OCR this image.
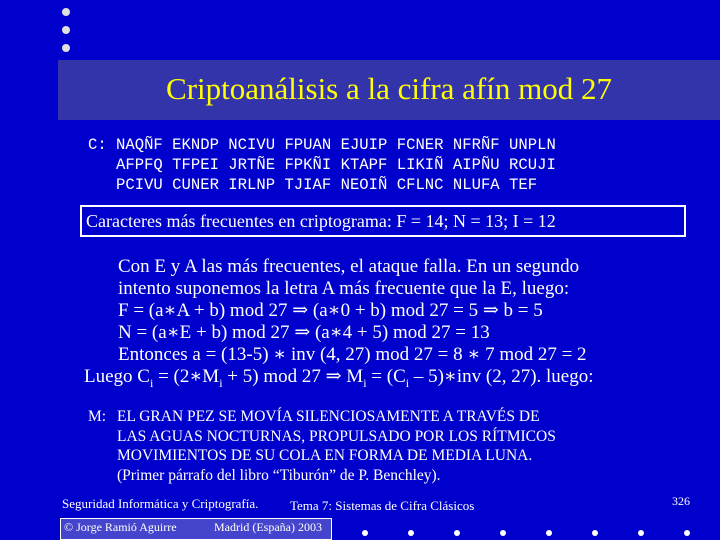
Criptoanálisis a la cifra afín mod 27
C: NAQÑF EKNDP NCIVU FPUAN EJUIP FCNER NFRÑF UNPLN
AFPFQ TFPEI JRTÑE FPKÑI KTAPF LIKIÑ AIPÑU RCUJI
PCIVU CUNER IRLNP TJIAF NEOIÑ CFLNC NLUFA TEF
Caracteres más frecuentes en criptograma: F = 14; N = 13; I = 12
Con E y A las más frecuentes, el ataque falla. En un segundo
intento suponemos la letra A más frecuente que la E, luego:
F = (a∗A + b) mod 27 ⇒ (a∗0 + b) mod 27 = 5 ⇒ b = 5
N = (a∗E + b) mod 27 ⇒ (a∗4 + 5) mod 27 = 13
Entonces a = (13-5) ∗ inv (4, 27) mod 27 = 8 ∗ 7 mod 27 = 2
Luego $C_i$ = $(2∗M_i + 5)$ mod 27 ⇒ $M_i = (C_i$ – 5)∗inv (2, 27). luego:
M: EL GRAN PEZ SE MOVÍA SILENCIOSAMENTE A TRAVÉS DE
LAS AGUAS NOCTURNAS, PROPULSADO POR LOS RÍTMICOS
MOVIMIENTOS DE SU COLA EN FORMA DE MEDIA LUNA.
(Primer párrafo del libro “Tiburón” de P. Benchley).
Seguridad Informática y Criptografía. Tema 7: Sistemas de Cifra Clásicos	326
© Jorge Ramió Aguirre	Madrid (España) 2003
